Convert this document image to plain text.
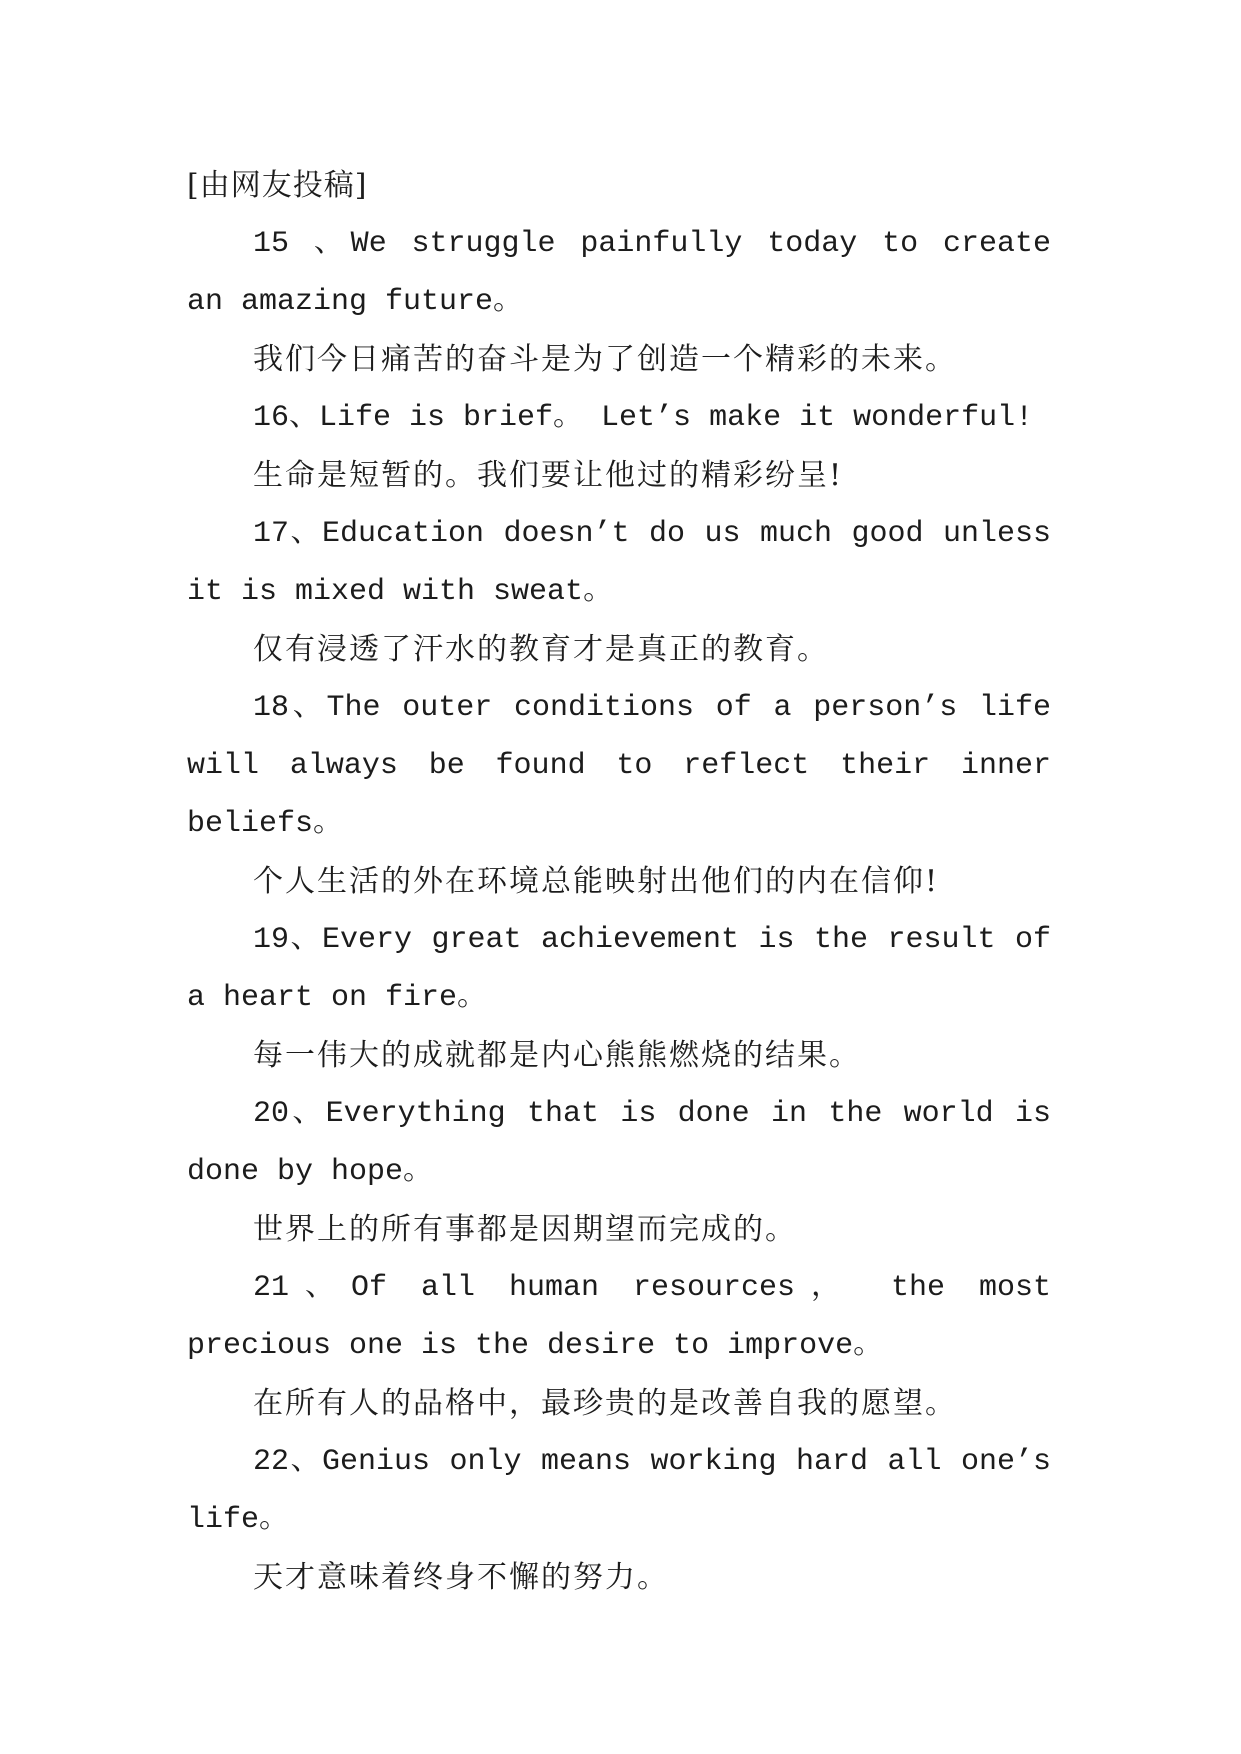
[由网友投稿]

15 、We struggle painfully today to create an amazing future。

我们今日痛苦的奋斗是为了创造一个精彩的未来。

16、Life is brief。 Let’s make it wonderful!

生命是短暂的。我们要让他过的精彩纷呈!

17、Education doesn’t do us much good unless it is mixed with sweat。

仅有浸透了汗水的教育才是真正的教育。

18、The outer conditions of a person’s life will always be found to reflect their inner beliefs。

个人生活的外在环境总能映射出他们的内在信仰!

19、Every great achievement is the result of a heart on fire。

每一伟大的成就都是内心熊熊燃烧的结果。

20、Everything that is done in the world is done by hope。

世界上的所有事都是因期望而完成的。

21、Of all human resources， the most precious one is the desire to improve。

在所有人的品格中，最珍贵的是改善自我的愿望。

22、Genius only means working hard all one’s life。

天才意味着终身不懈的努力。
